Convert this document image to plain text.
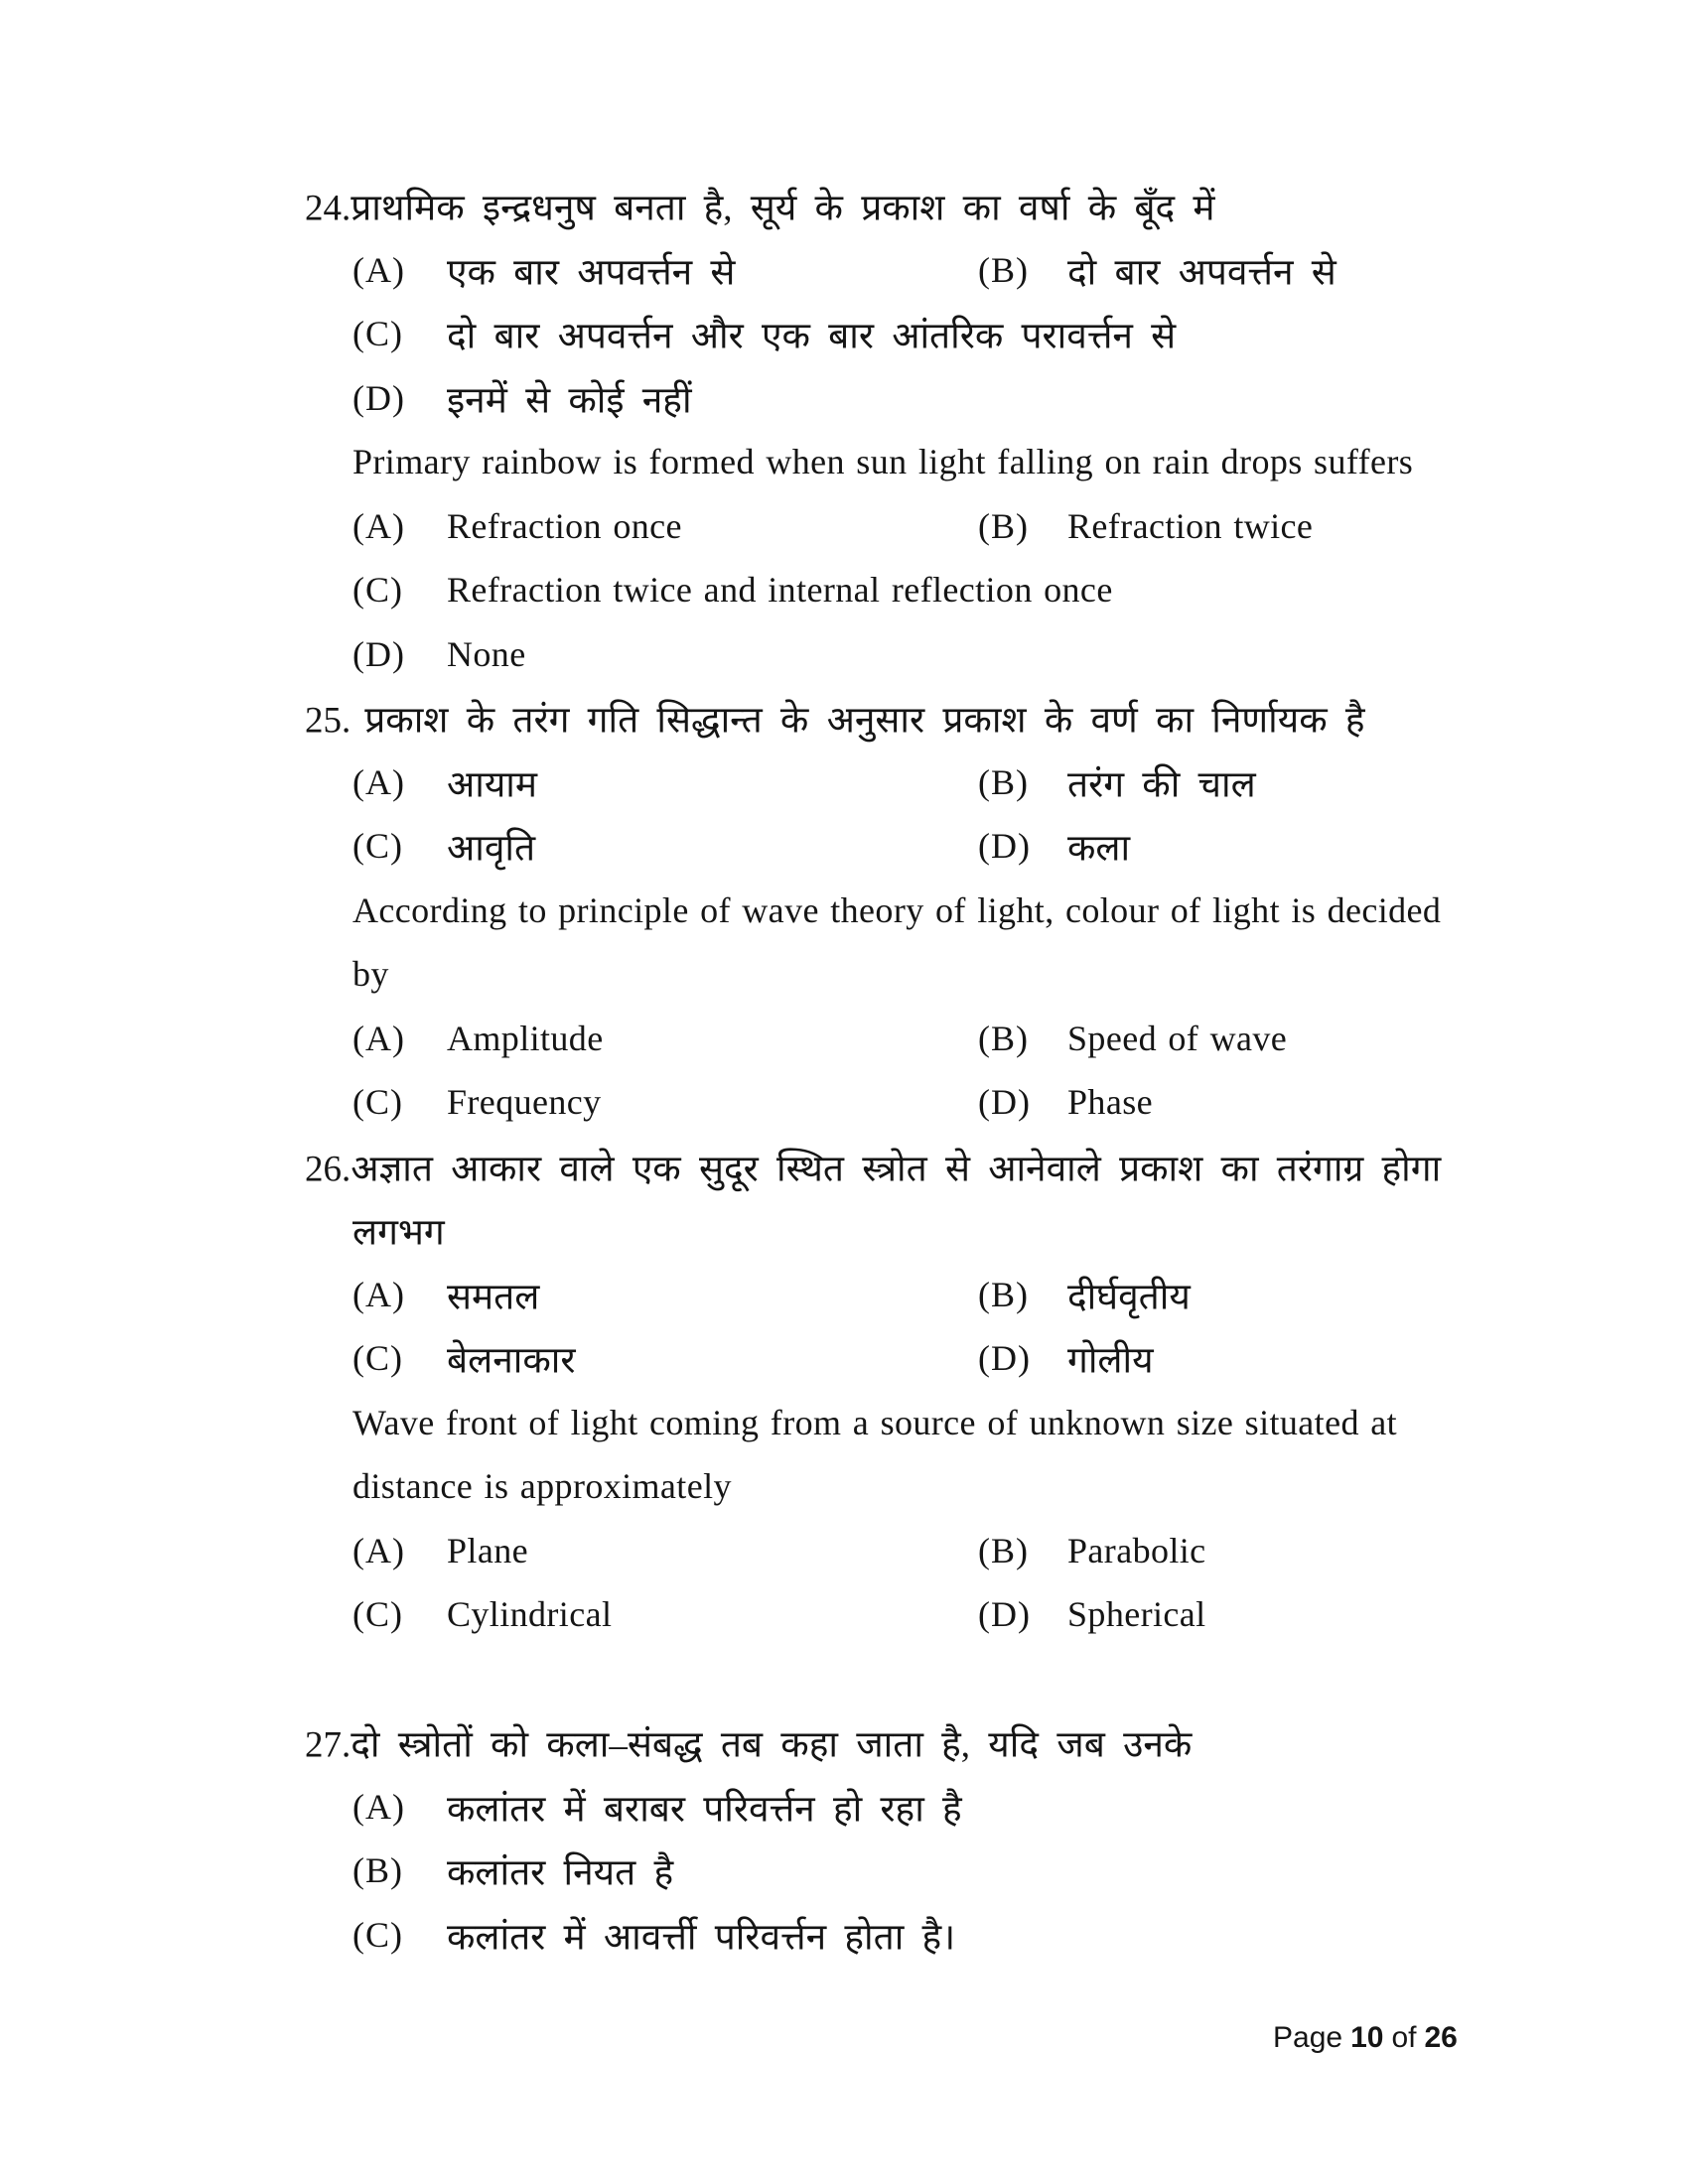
24.प्राथमिक इन्द्रधनुष बनता है, सूर्य के प्रकाश का वर्षा के बूँद में
(A) एक बार अपवर्त्तन से	(B) दो बार अपवर्त्तन से
(C) दो बार अपवर्त्तन और एक बार आंतरिक परावर्त्तन से
(D) इनमें से कोई नहीं
Primary rainbow is formed when sun light falling on rain drops suffers
(A) Refraction once	(B) Refraction twice
(C) Refraction twice and internal reflection once
(D) None
25. प्रकाश के तरंग गति सिद्धान्त के अनुसार प्रकाश के वर्ण का निर्णायक है
(A) आयाम	(B) तरंग की चाल
(C) आवृति	(D) कला
According to principle of wave theory of light, colour of light is decided
by
(A) Amplitude	(B) Speed of wave
(C) Frequency	(D) Phase
26.अज्ञात आकार वाले एक सुदूर स्थित स्त्रोत से आनेवाले प्रकाश का तरंगाग्र होगा
लगभग
(A) समतल	(B) दीर्घवृतीय
(C) बेलनाकार	(D) गोलीय
Wave front of light coming from a source of unknown size situated at
distance is approximately
(A) Plane	(B) Parabolic
(C) Cylindrical	(D) Spherical
27.दो स्त्रोतों को कला–संबद्ध तब कहा जाता है, यदि जब उनके
(A) कलांतर में बराबर परिवर्त्तन हो रहा है
(B) कलांतर नियत है
(C) कलांतर में आवर्त्ती परिवर्त्तन होता है।
Page 10 of 26
